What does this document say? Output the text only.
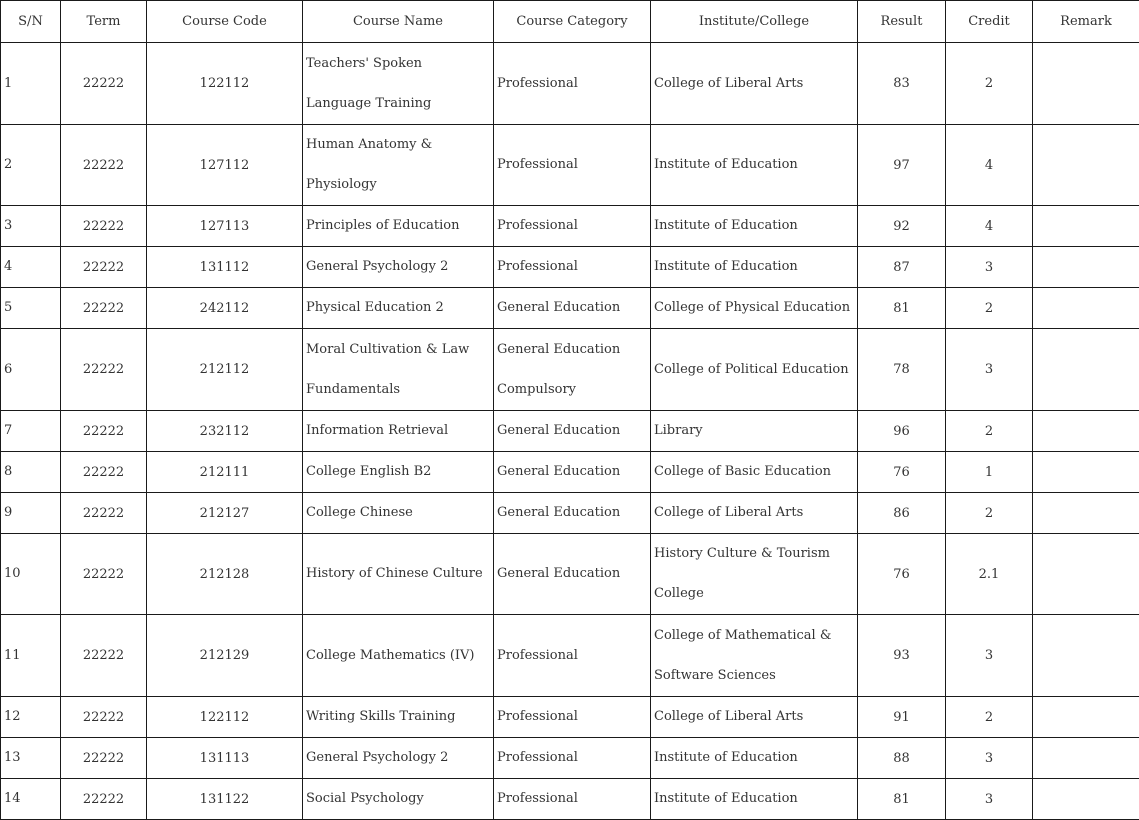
S/N	Term	Course Code	Course Name	Course Category	Institute/College	Result	Credit	Remark
1	22222	122112	Teachers' Spoken Language Training	Professional	College of Liberal Arts	83	2	
2	22222	127112	Human Anatomy & Physiology	Professional	Institute of Education	97	4	
3	22222	127113	Principles of Education	Professional	Institute of Education	92	4	
4	22222	131112	General Psychology 2	Professional	Institute of Education	87	3	
5	22222	242112	Physical Education 2	General Education	College of Physical Education	81	2	
6	22222	212112	Moral Cultivation & Law Fundamentals	General Education Compulsory	College of Political Education	78	3	
7	22222	232112	Information Retrieval	General Education	Library	96	2	
8	22222	212111	College English B2	General Education	College of Basic Education	76	1	
9	22222	212127	College Chinese	General Education	College of Liberal Arts	86	2	
10	22222	212128	History of Chinese Culture	General Education	History Culture & Tourism College	76	2.1	
11	22222	212129	College Mathematics (IV)	Professional	College of Mathematical & Software Sciences	93	3	
12	22222	122112	Writing Skills Training	Professional	College of Liberal Arts	91	2	
13	22222	131113	General Psychology 2	Professional	Institute of Education	88	3	
14	22222	131122	Social Psychology	Professional	Institute of Education	81	3	
